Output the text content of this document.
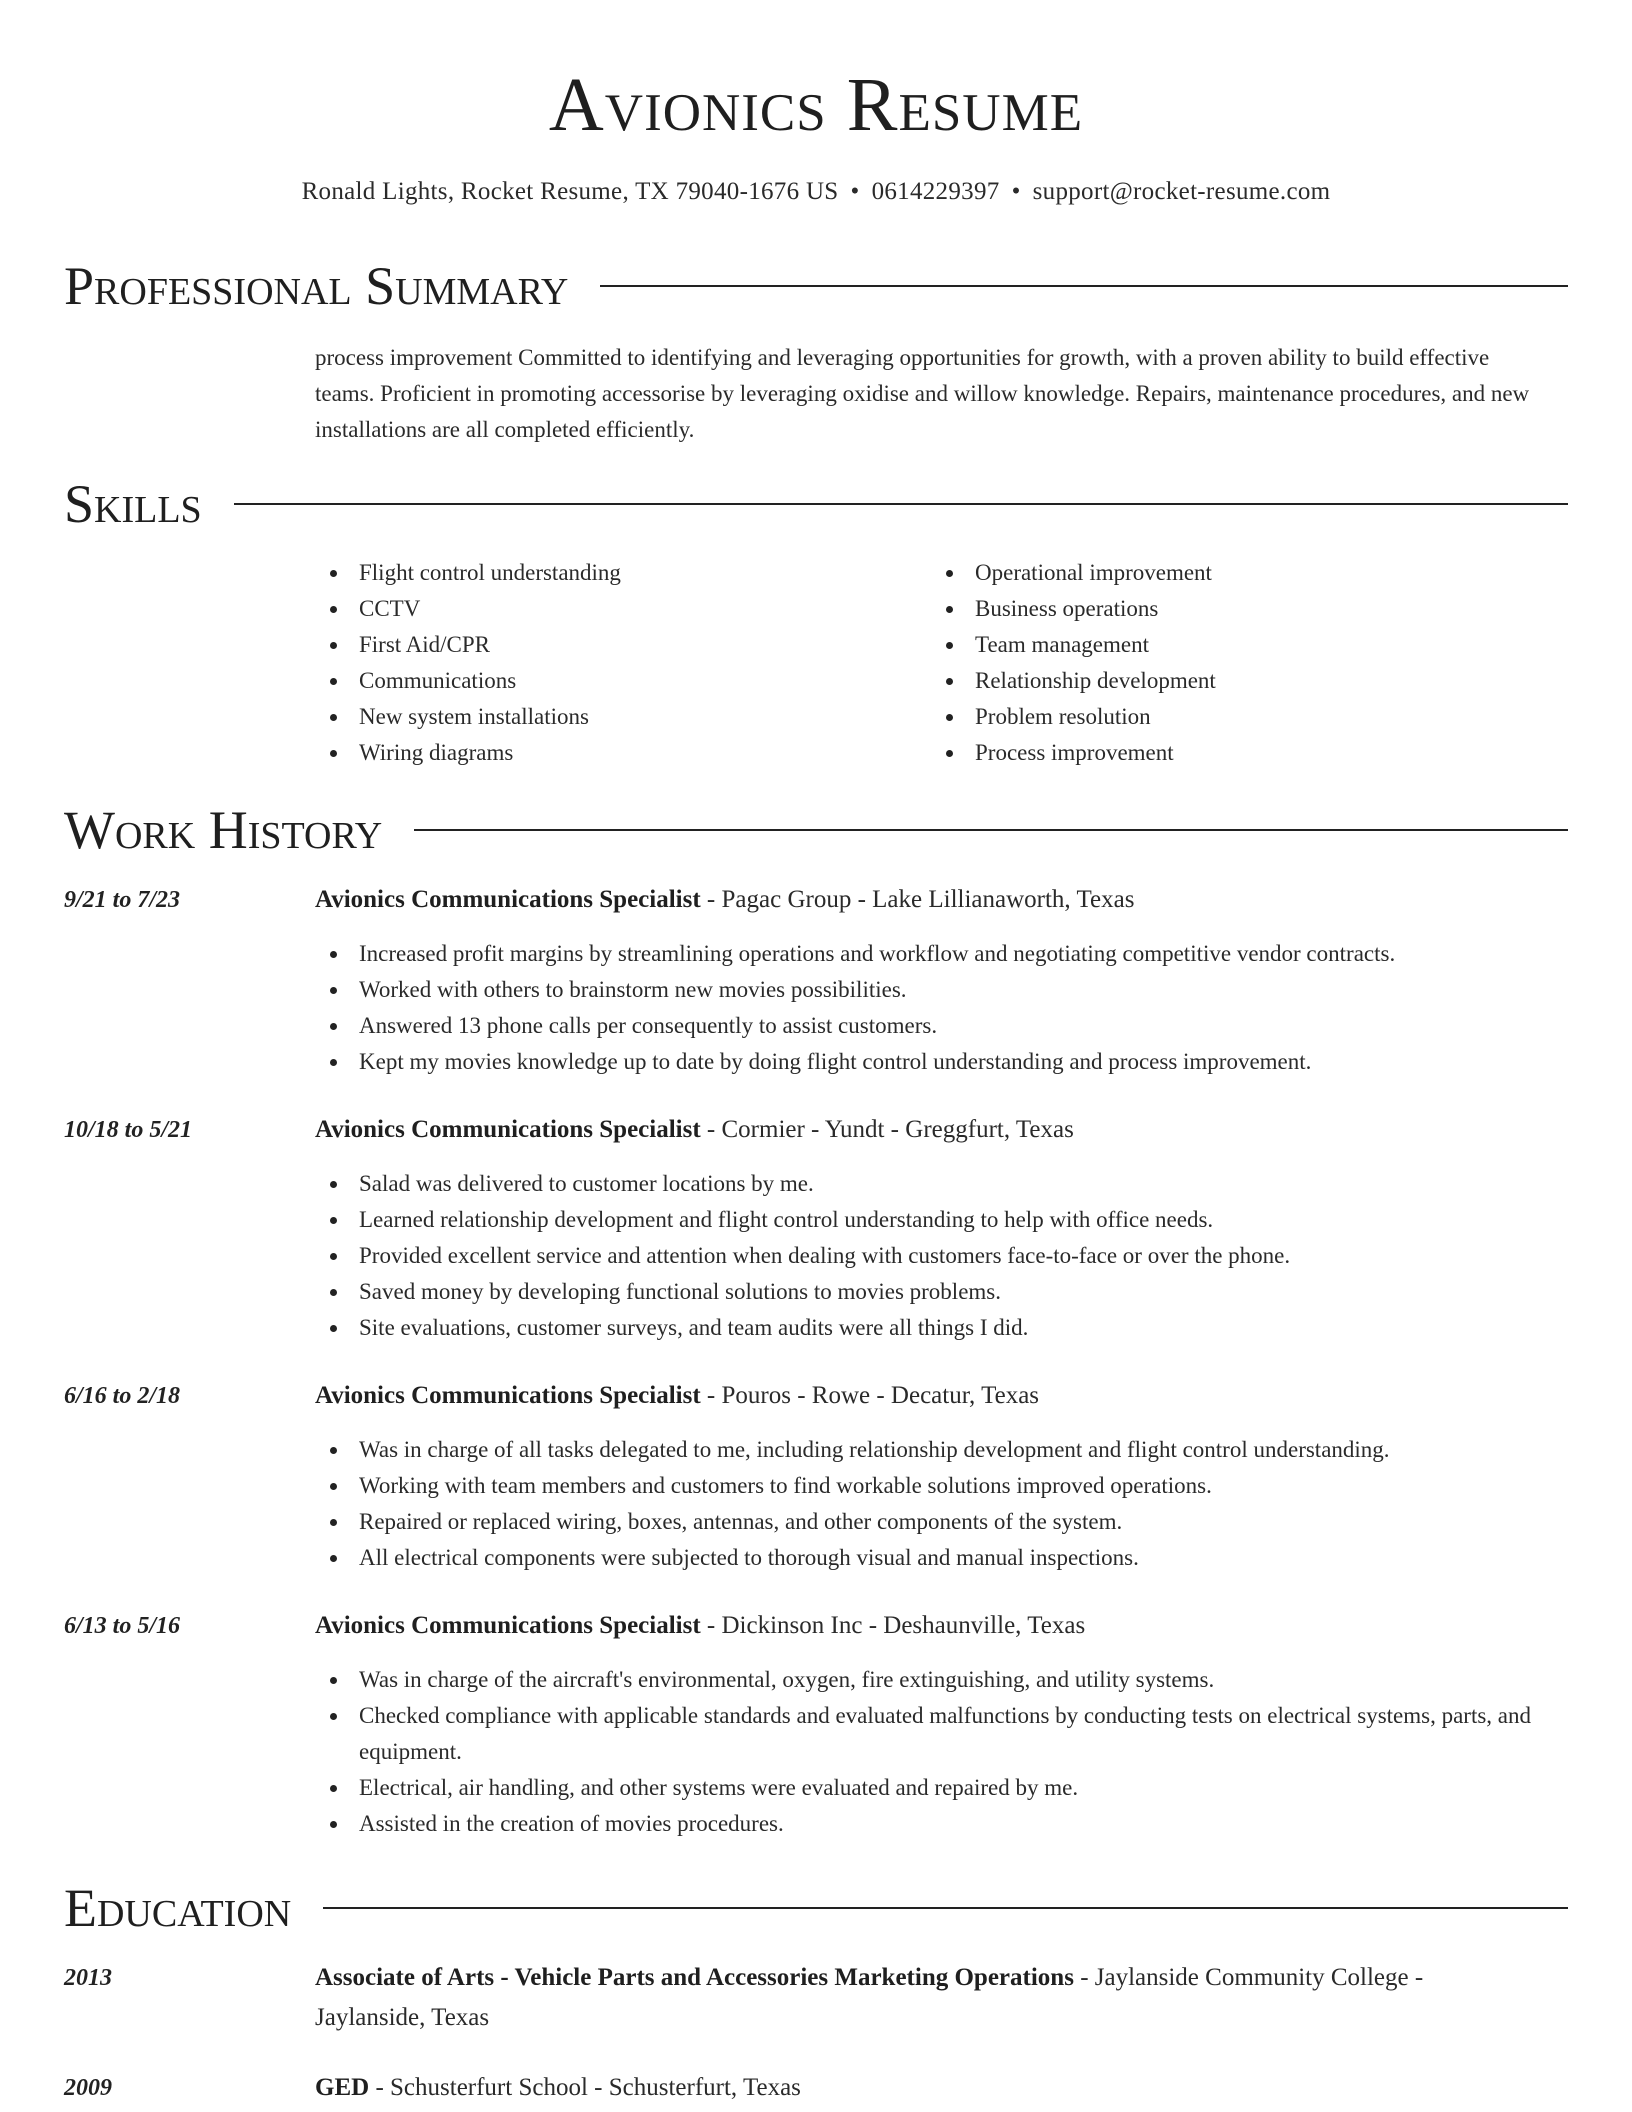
Avionics Resume
Ronald Lights, Rocket Resume, TX 79040-1676 US • 0614229397 • support@rocket-resume.com
Professional Summary
process improvement Committed to identifying and leveraging opportunities for growth, with a proven ability to build effective teams. Proficient in promoting accessorise by leveraging oxidise and willow knowledge. Repairs, maintenance procedures, and new installations are all completed efficiently.
Skills
Flight control understanding
CCTV
First Aid/CPR
Communications
New system installations
Wiring diagrams
Operational improvement
Business operations
Team management
Relationship development
Problem resolution
Process improvement
Work History
9/21 to 7/23	Avionics Communications Specialist - Pagac Group - Lake Lillianaworth, Texas
Increased profit margins by streamlining operations and workflow and negotiating competitive vendor contracts.
Worked with others to brainstorm new movies possibilities.
Answered 13 phone calls per consequently to assist customers.
Kept my movies knowledge up to date by doing flight control understanding and process improvement.
10/18 to 5/21	Avionics Communications Specialist - Cormier - Yundt - Greggfurt, Texas
Salad was delivered to customer locations by me.
Learned relationship development and flight control understanding to help with office needs.
Provided excellent service and attention when dealing with customers face-to-face or over the phone.
Saved money by developing functional solutions to movies problems.
Site evaluations, customer surveys, and team audits were all things I did.
6/16 to 2/18	Avionics Communications Specialist - Pouros - Rowe - Decatur, Texas
Was in charge of all tasks delegated to me, including relationship development and flight control understanding.
Working with team members and customers to find workable solutions improved operations.
Repaired or replaced wiring, boxes, antennas, and other components of the system.
All electrical components were subjected to thorough visual and manual inspections.
6/13 to 5/16	Avionics Communications Specialist - Dickinson Inc - Deshaunville, Texas
Was in charge of the aircraft's environmental, oxygen, fire extinguishing, and utility systems.
Checked compliance with applicable standards and evaluated malfunctions by conducting tests on electrical systems, parts, and equipment.
Electrical, air handling, and other systems were evaluated and repaired by me.
Assisted in the creation of movies procedures.
Education
2013	Associate of Arts - Vehicle Parts and Accessories Marketing Operations - Jaylanside Community College - Jaylanside, Texas
2009	GED - Schusterfurt School - Schusterfurt, Texas
